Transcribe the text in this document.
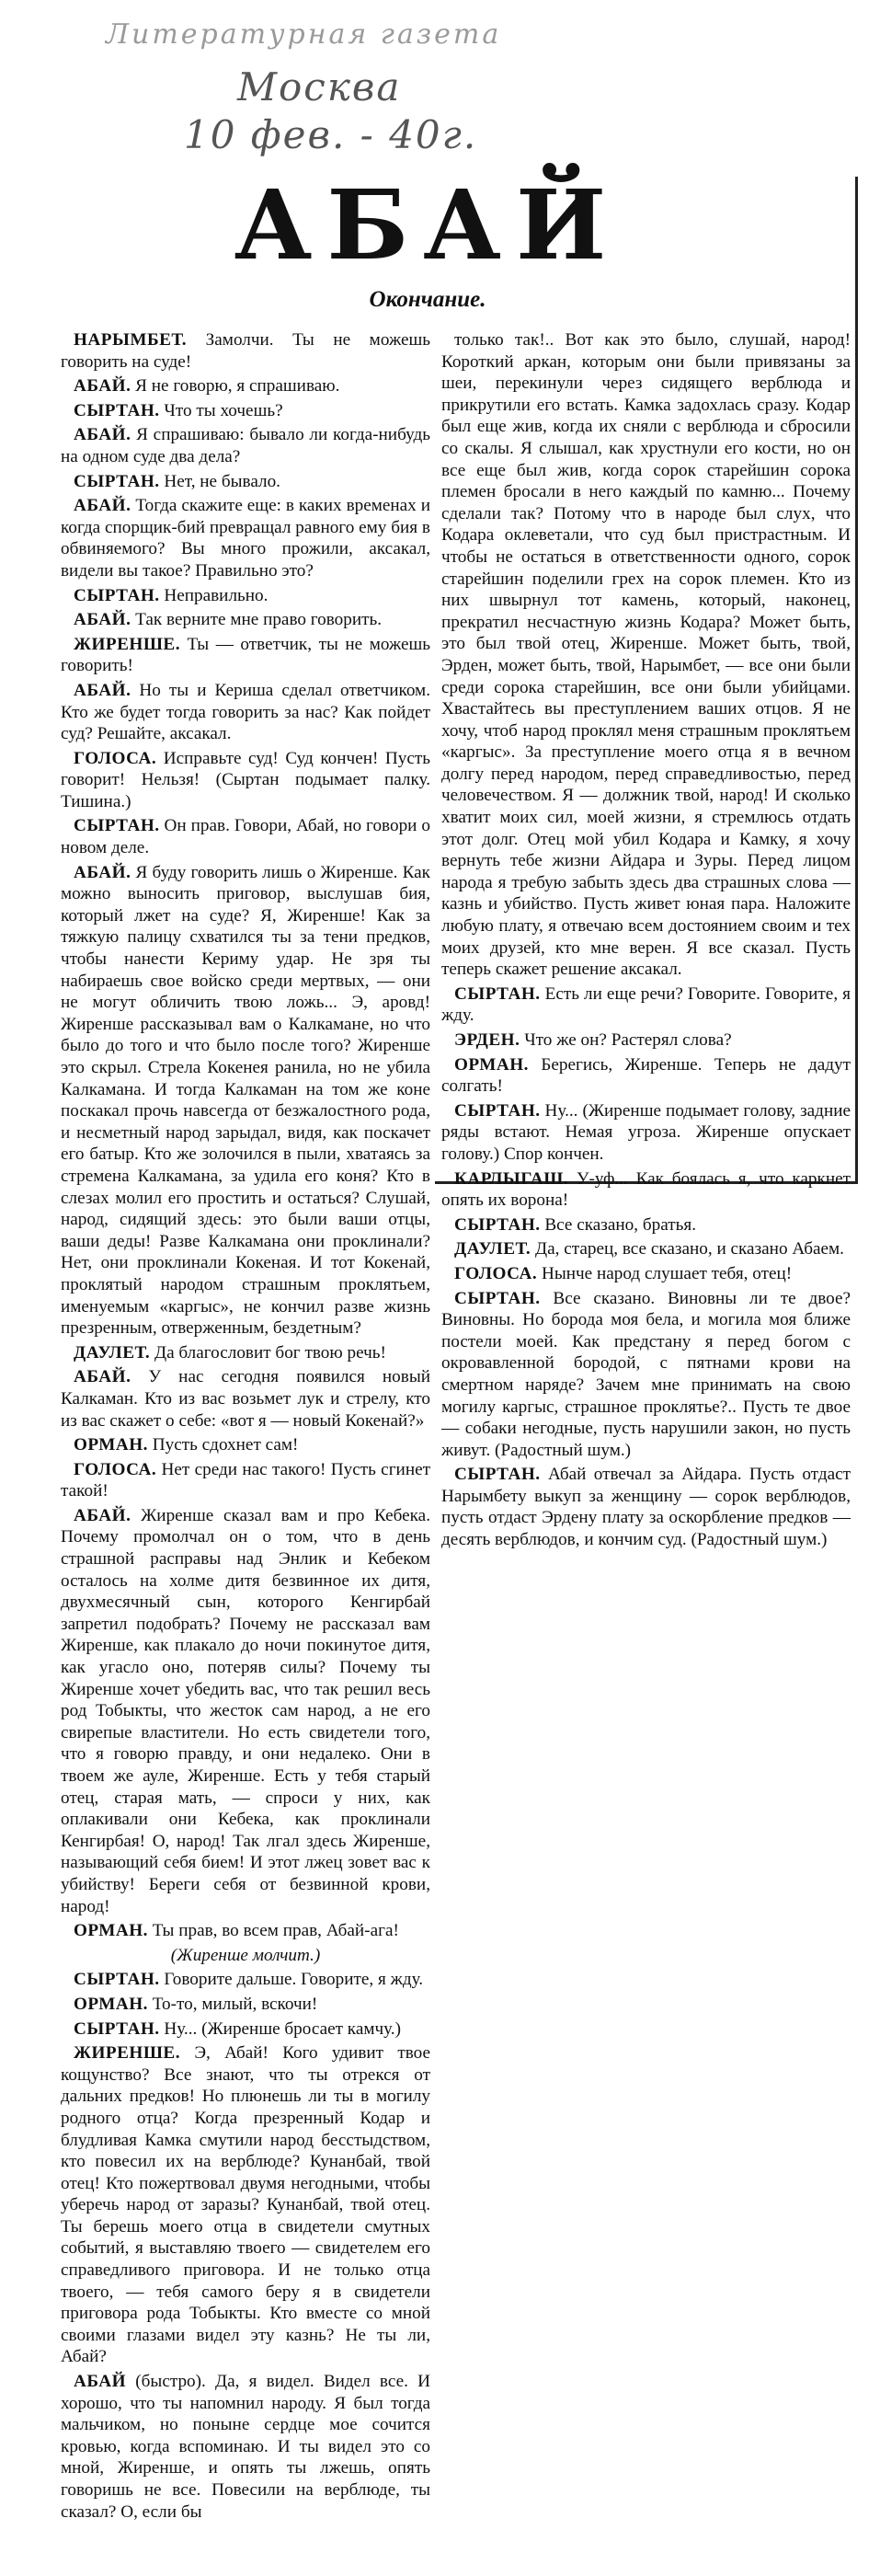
Литературная газета
Москва
10 фев. - 40г.
АБАЙ
Окончание.

НАРЫМБЕТ. Замолчи. Ты не можешь говорить на суде!

АБАЙ. Я не говорю, я спрашиваю.

СЫРТАН. Что ты хочешь?

АБАЙ. Я спрашиваю: бывало ли когда-нибудь на одном суде два дела?

СЫРТАН. Нет, не бывало.

АБАЙ. Тогда скажите еще: в каких временах и когда спорщик-бий превращал равного ему бия в обвиняемого? Вы много прожили, аксакал, видели вы такое? Правильно это?

СЫРТАН. Неправильно.

АБАЙ. Так верните мне право говорить.

ЖИРЕНШЕ. Ты — ответчик, ты не можешь говорить!

АБАЙ. Но ты и Кериша сделал ответчиком. Кто же будет тогда говорить за нас? Как пойдет суд? Решайте, аксакал.

ГОЛОСА. Исправьте суд! Суд кончен! Пусть говорит! Нельзя! (Сыртан подымает палку. Тишина.)

СЫРТАН. Он прав. Говори, Абай, но говори о новом деле.

АБАЙ. Я буду говорить лишь о Жиренше. Как можно выносить приговор, выслушав бия, который лжет на суде? Я, Жиренше! Как за тяжкую палицу схватился ты за тени предков, чтобы нанести Кериму удар. Не зря ты набираешь свое войско среди мертвых, — они не могут обличить твою ложь... Э, аровд! Жиренше рассказывал вам о Калкамане, но что было до того и что было после того? Жиренше это скрыл. Стрела Кокенея ранила, но не убила Калкамана. И тогда Калкаман на том же коне поскакал прочь навсегда от безжалостного рода, и несметный народ зарыдал, видя, как поскачет его батыр. Кто же золочился в пыли, хватаясь за стремена Калкамана, за удила его коня? Кто в слезах молил его простить и остаться? Слушай, народ, сидящий здесь: это были ваши отцы, ваши деды! Разве Калкамана они проклинали? Нет, они проклинали Кокеная. И тот Кокенай, проклятый народом страшным проклятьем, именуемым «каргыс», не кончил разве жизнь презренным, отверженным, бездетным?

ДАУЛЕТ. Да благословит бог твою речь!

АБАЙ. У нас сегодня появился новый Калкаман. Кто из вас возьмет лук и стрелу, кто из вас скажет о себе: «вот я — новый Кокенай?»

ОРМАН. Пусть сдохнет сам!

ГОЛОСА. Нет среди нас такого! Пусть сгинет такой!

АБАЙ. Жиренше сказал вам и про Кебека. Почему промолчал он о том, что в день страшной расправы над Энлик и Кебеком осталось на холме дитя безвинное их дитя, двухмесячный сын, которого Кенгирбай запретил подобрать? Почему не рассказал вам Жиренше, как плакало до ночи покинутое дитя, как угасло оно, потеряв силы? Почему ты Жиренше хочет убедить вас, что так решил весь род Тобыкты, что жесток сам народ, а не его свирепые властители. Но есть свидетели того, что я говорю правду, и они недалеко. Они в твоем же ауле, Жиренше. Есть у тебя старый отец, старая мать, — спроси у них, как оплакивали они Кебека, как проклинали Кенгирбая! О, народ! Так лгал здесь Жиренше, называющий себя бием! И этот лжец зовет вас к убийству! Береги себя от безвинной крови, народ!

ОРМАН. Ты прав, во всем прав, Абай-ага!

(Жиренше молчит.)

СЫРТАН. Говорите дальше. Говорите, я жду.

ОРМАН. То-то, милый, вскочи!

СЫРТАН. Ну... (Жиренше бросает камчу.)

ЖИРЕНШЕ. Э, Абай! Кого удивит твое кощунство? Все знают, что ты отрекся от дальних предков! Но плюнешь ли ты в могилу родного отца? Когда презренный Кодар и блудливая Камка смутили народ бесстыдством, кто повесил их на верблюде? Кунанбай, твой отец! Кто пожертвовал двумя негодными, чтобы уберечь народ от заразы? Кунанбай, твой отец. Ты берешь моего отца в свидетели смутных событий, я выставляю твоего — свидетелем его справедливого приговора. И не только отца твоего, — тебя самого беру я в свидетели приговора рода Тобыкты. Кто вместе со мной своими глазами видел эту казнь? Не ты ли, Абай?

АБАЙ (быстро). Да, я видел. Видел все. И хорошо, что ты напомнил народу. Я был тогда мальчиком, но поныне сердце мое сочится кровью, когда вспоминаю. И ты видел это со мной, Жиренше, и опять ты лжешь, опять говоришь не все. Повесили на верблюде, ты сказал? О, если бы

только так!.. Вот как это было, слушай, народ! Короткий аркан, которым они были привязаны за шеи, перекинули через сидящего верблюда и прикрутили его встать. Камка задохлась сразу. Кодар был еще жив, когда их сняли с верблюда и сбросили со скалы. Я слышал, как хрустнули его кости, но он все еще был жив, когда сорок старейшин сорока племен бросали в него каждый по камню... Почему сделали так? Потому что в народе был слух, что Кодара оклеветали, что суд был пристрастным. И чтобы не остаться в ответственности одного, сорок старейшин поделили грех на сорок племен. Кто из них швырнул тот камень, который, наконец, прекратил несчастную жизнь Кодара? Может быть, это был твой отец, Жиренше. Может быть, твой, Эрден, может быть, твой, Нарымбет, — все они были среди сорока старейшин, все они были убийцами. Хвастайтесь вы преступлением ваших отцов. Я не хочу, чтоб народ проклял меня страшным проклятьем «каргыс». За преступление моего отца я в вечном долгу перед народом, перед справедливостью, перед человечеством. Я — должник твой, народ! И сколько хватит моих сил, моей жизни, я стремлюсь отдать этот долг. Отец мой убил Кодара и Камку, я хочу вернуть тебе жизни Айдара и Зуры. Перед лицом народа я требую забыть здесь два страшных слова — казнь и убийство. Пусть живет юная пара. Наложите любую плату, я отвечаю всем достоянием своим и тех моих друзей, кто мне верен. Я все сказал. Пусть теперь скажет решение аксакал.

СЫРТАН. Есть ли еще речи? Говорите. Говорите, я жду.

ЭРДЕН. Что же он? Растерял слова?

ОРМАН. Берегись, Жиренше. Теперь не дадут солгать!

СЫРТАН. Ну... (Жиренше подымает голову, задние ряды встают. Немая угроза. Жиренше опускает голову.) Спор кончен.

КАРЛЫГАШ. У-уф... Как боялась я, что каркнет опять их ворона!

СЫРТАН. Все сказано, братья.

ДАУЛЕТ. Да, старец, все сказано, и сказано Абаем.

ГОЛОСА. Нынче народ слушает тебя, отец!

СЫРТАН. Все сказано. Виновны ли те двое? Виновны. Но борода моя бела, и могила моя ближе постели моей. Как предстану я перед богом с окровавленной бородой, с пятнами крови на смертном наряде? Зачем мне принимать на свою могилу каргыс, страшное проклятье?.. Пусть те двое — собаки негодные, пусть нарушили закон, но пусть живут. (Радостный шум.)

СЫРТАН. Абай отвечал за Айдара. Пусть отдаст Нарымбету выкуп за женщину — сорок верблюдов, пусть отдаст Эрдену плату за оскорбление предков — десять верблюдов, и кончим суд. (Радостный шум.)
